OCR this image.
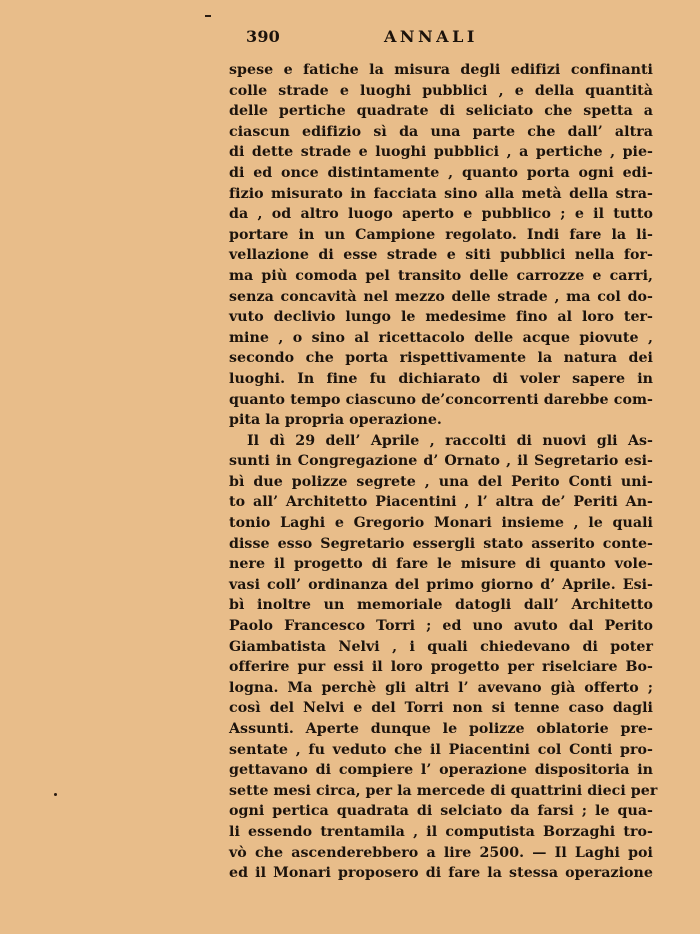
390	ANNALI
spese e fatiche la misura degli edifizi confinanti
colle strade e luoghi pubblici , e della quantità
delle pertiche quadrate di seliciato che spetta a
ciascun edifizio sì da una parte che dall’ altra
di dette strade e luoghi pubblici , a pertiche , pie-
di ed once distintamente , quanto porta ogni edi-
fizio misurato in facciata sino alla metà della stra-
da , od altro luogo aperto e pubblico ; e il tutto
portare in un Campione regolato. Indi fare la li-
vellazione di esse strade e siti pubblici nella for-
ma più comoda pel transito delle carrozze e carri,
senza concavità nel mezzo delle strade , ma col do-
vuto declivio lungo le medesime fino al loro ter-
mine , o sino al ricettacolo delle acque piovute ,
secondo che porta rispettivamente la natura dei
luoghi. In fine fu dichiarato di voler sapere in
quanto tempo ciascuno de’concorrenti darebbe com-
pita la propria operazione.
Il dì 29 dell’ Aprile , raccolti di nuovi gli As-
sunti in Congregazione d’ Ornato , il Segretario esi-
bì due polizze segrete , una del Perito Conti uni-
to all’ Architetto Piacentini , l’ altra de’ Periti An-
tonio Laghi e Gregorio Monari insieme , le quali
disse esso Segretario essergli stato asserito conte-
nere il progetto di fare le misure di quanto vole-
vasi coll’ ordinanza del primo giorno d’ Aprile. Esi-
bì inoltre un memoriale datogli dall’ Architetto
Paolo Francesco Torri ; ed uno avuto dal Perito
Giambatista Nelvi , i quali chiedevano di poter
offerire pur essi il loro progetto per riselciare Bo-
logna. Ma perchè gli altri l’ avevano già offerto ;
così del Nelvi e del Torri non si tenne caso dagli
Assunti. Aperte dunque le polizze oblatorie pre-
sentate , fu veduto che il Piacentini col Conti pro-
gettavano di compiere l’ operazione dispositoria in
sette mesi circa, per la mercede di quattrini dieci per
ogni pertica quadrata di selciato da farsi ; le qua-
li essendo trentamila , il computista Borzaghi tro-
vò che ascenderebbero a lire 2500. — Il Laghi poi
ed il Monari proposero di fare la stessa operazione
